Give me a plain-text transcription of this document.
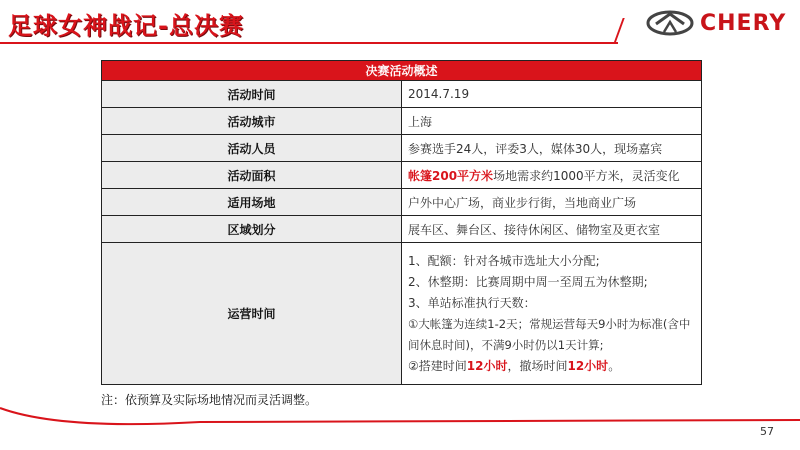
足球女神战记-总决赛	CHERY
决赛活动概述	
活动时间	2014.7.19
活动城市	上海
活动人员	参赛选手24人，评委3人，媒体30人，现场嘉宾
活动面积	帐篷200平方米场地需求约1000平方米，灵活变化
适用场地	户外中心广场，商业步行街，当地商业广场
区域划分	展车区、舞台区、接待休闲区、储物室及更衣室
运营时间	1、配额：针对各城市选址大小分配;
2、休整期：比赛周期中周一至周五为休整期;
3、单站标准执行天数：
①大帐篷为连续1-2天；常规运营每天9小时为标准(含中间休息时间)，不满9小时仍以1天计算;
②搭建时间12小时，撤场时间12小时。
注：依预算及实际场地情况而灵活调整。
57
